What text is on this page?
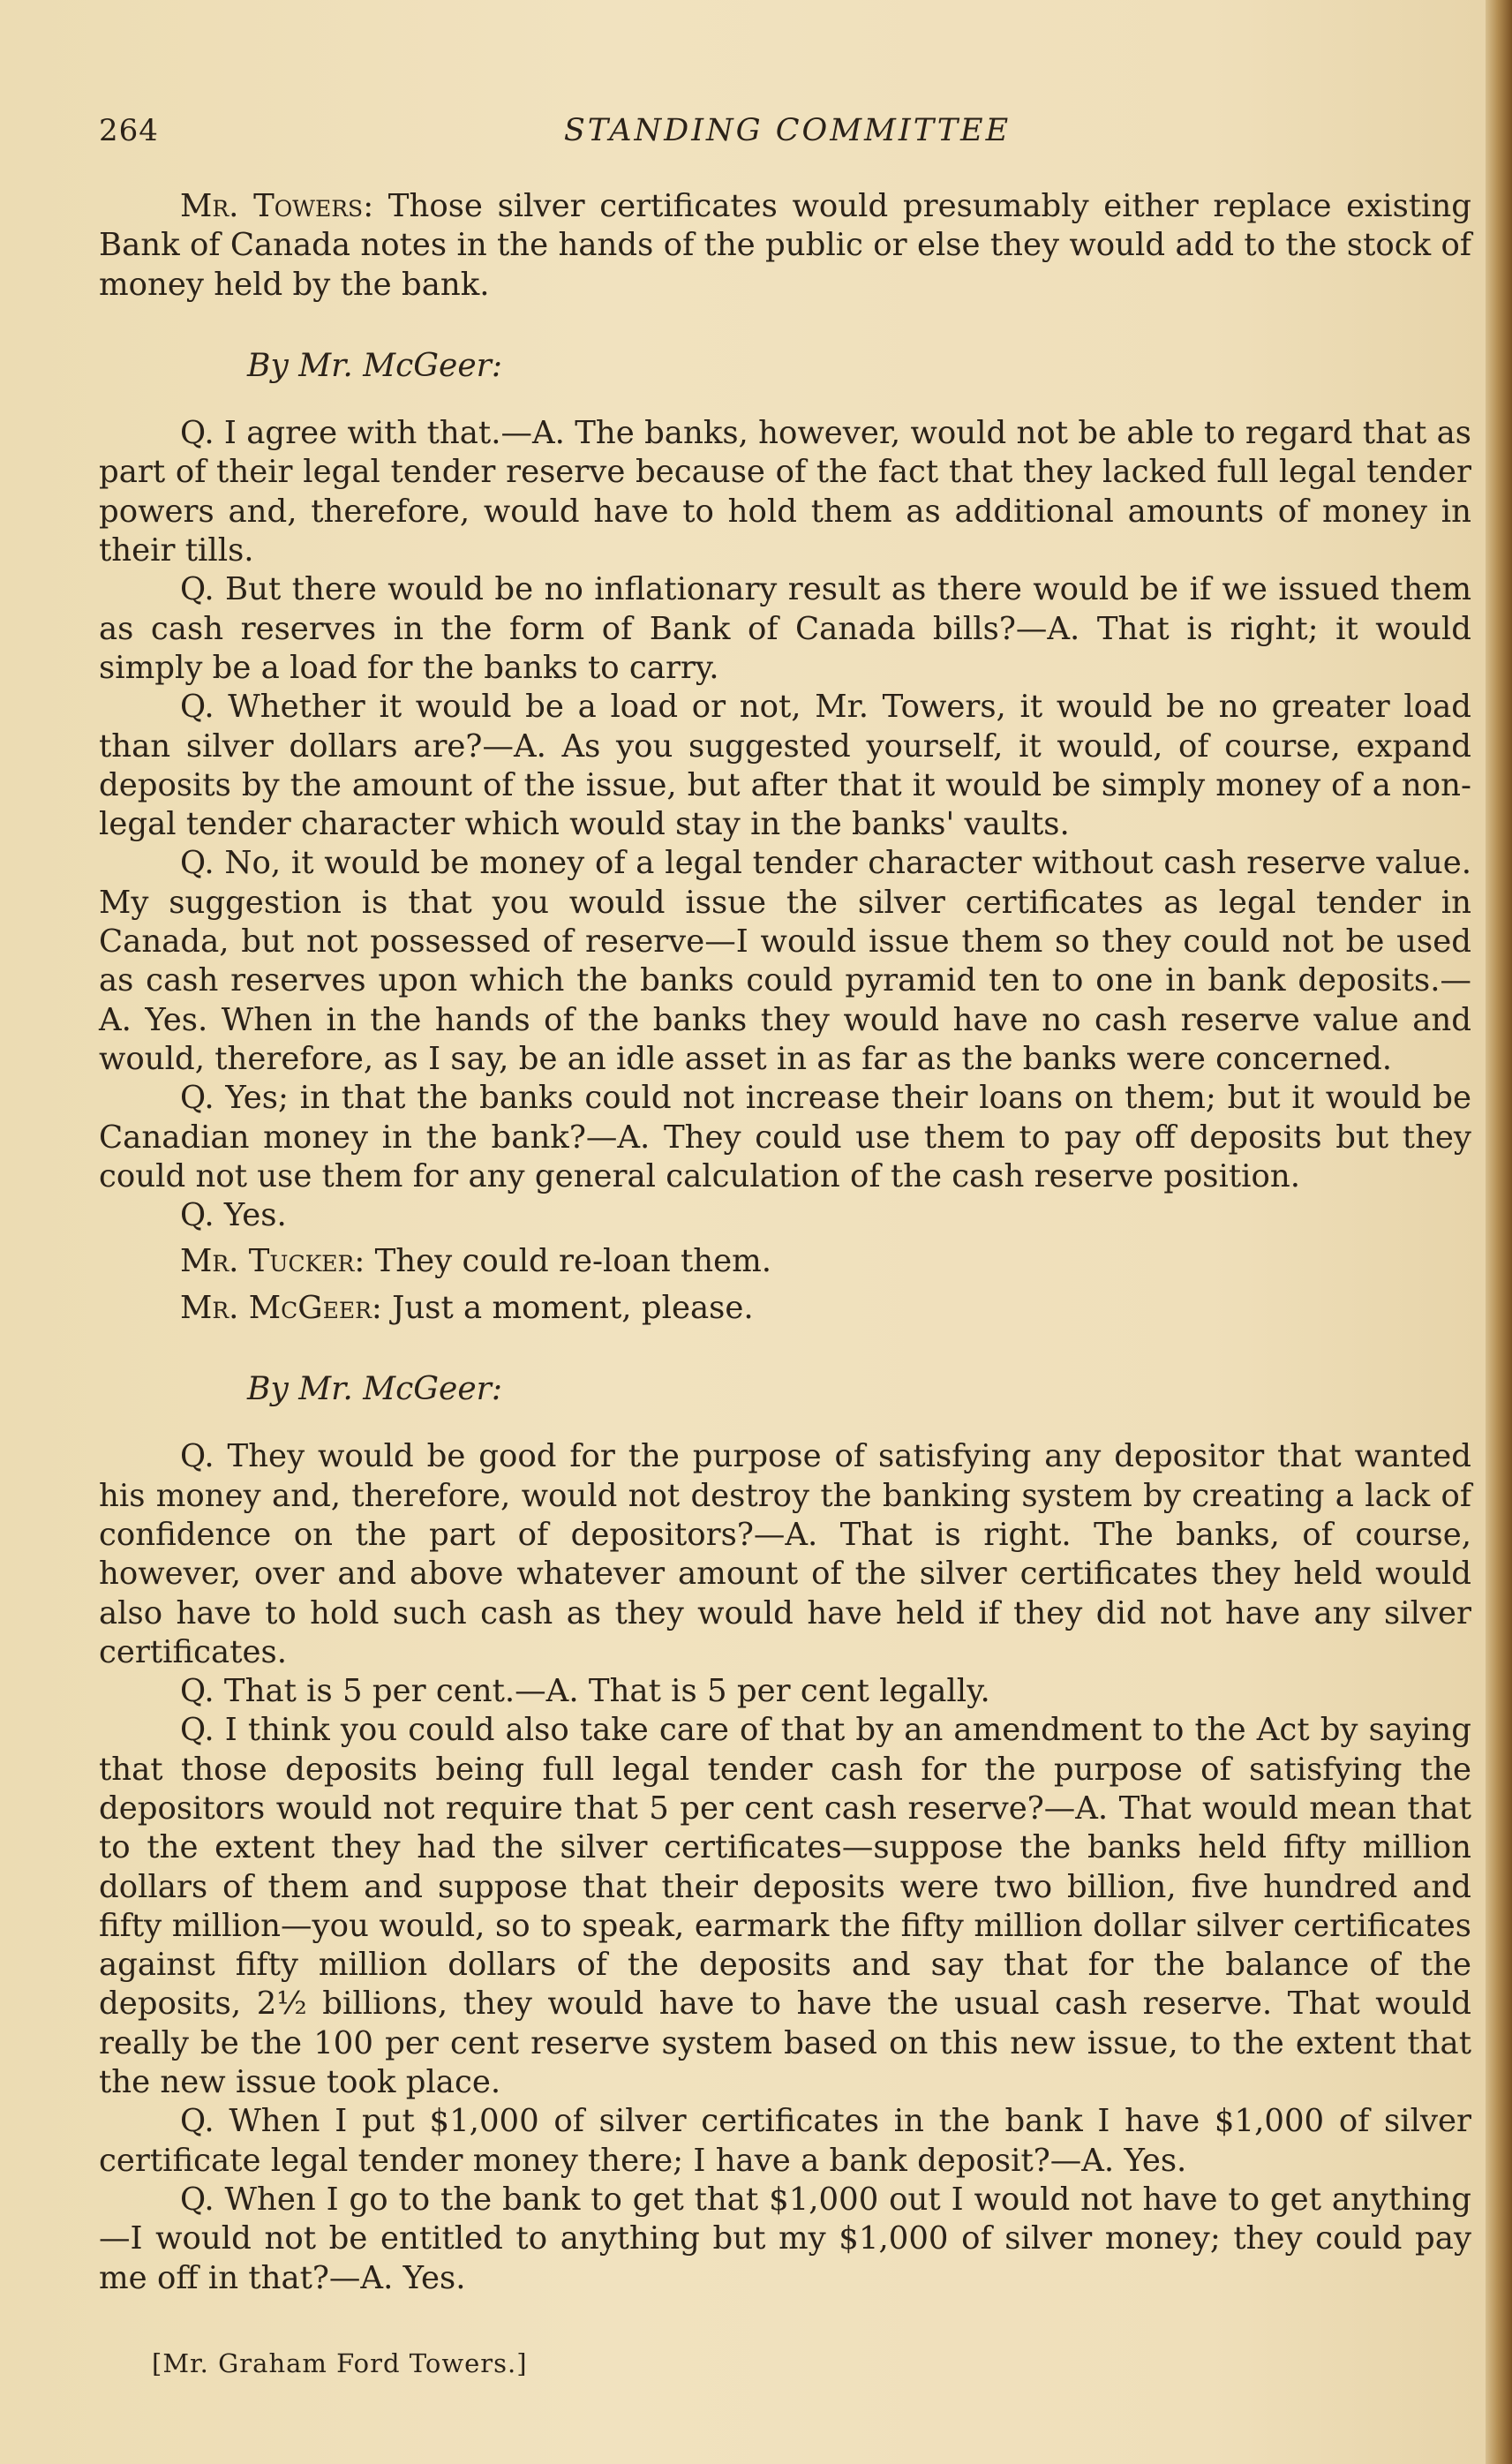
264	STANDING COMMITTEE

Mr. Towers: Those silver certificates would presumably either replace existing Bank of Canada notes in the hands of the public or else they would add to the stock of money held by the bank.

By Mr. McGeer:

Q. I agree with that.—A. The banks, however, would not be able to regard that as part of their legal tender reserve because of the fact that they lacked full legal tender powers and, therefore, would have to hold them as additional amounts of money in their tills.

Q. But there would be no inflationary result as there would be if we issued them as cash reserves in the form of Bank of Canada bills?—A. That is right; it would simply be a load for the banks to carry.

Q. Whether it would be a load or not, Mr. Towers, it would be no greater load than silver dollars are?—A. As you suggested yourself, it would, of course, expand deposits by the amount of the issue, but after that it would be simply money of a non-legal tender character which would stay in the banks' vaults.

Q. No, it would be money of a legal tender character without cash reserve value. My suggestion is that you would issue the silver certificates as legal tender in Canada, but not possessed of reserve—I would issue them so they could not be used as cash reserves upon which the banks could pyramid ten to one in bank deposits.—A. Yes. When in the hands of the banks they would have no cash reserve value and would, therefore, as I say, be an idle asset in as far as the banks were concerned.

Q. Yes; in that the banks could not increase their loans on them; but it would be Canadian money in the bank?—A. They could use them to pay off deposits but they could not use them for any general calculation of the cash reserve position.

Q. Yes.

Mr. Tucker: They could re-loan them.

Mr. McGeer: Just a moment, please.

By Mr. McGeer:

Q. They would be good for the purpose of satisfying any depositor that wanted his money and, therefore, would not destroy the banking system by creating a lack of confidence on the part of depositors?—A. That is right. The banks, of course, however, over and above whatever amount of the silver certificates they held would also have to hold such cash as they would have held if they did not have any silver certificates.

Q. That is 5 per cent.—A. That is 5 per cent legally.

Q. I think you could also take care of that by an amendment to the Act by saying that those deposits being full legal tender cash for the purpose of satisfying the depositors would not require that 5 per cent cash reserve?—A. That would mean that to the extent they had the silver certificates—suppose the banks held fifty million dollars of them and suppose that their deposits were two billion, five hundred and fifty million—you would, so to speak, earmark the fifty million dollar silver certificates against fifty million dollars of the deposits and say that for the balance of the deposits, 2½ billions, they would have to have the usual cash reserve. That would really be the 100 per cent reserve system based on this new issue, to the extent that the new issue took place.

Q. When I put $1,000 of silver certificates in the bank I have $1,000 of silver certificate legal tender money there; I have a bank deposit?—A. Yes.

Q. When I go to the bank to get that $1,000 out I would not have to get anything—I would not be entitled to anything but my $1,000 of silver money; they could pay me off in that?—A. Yes.

[Mr. Graham Ford Towers.]
